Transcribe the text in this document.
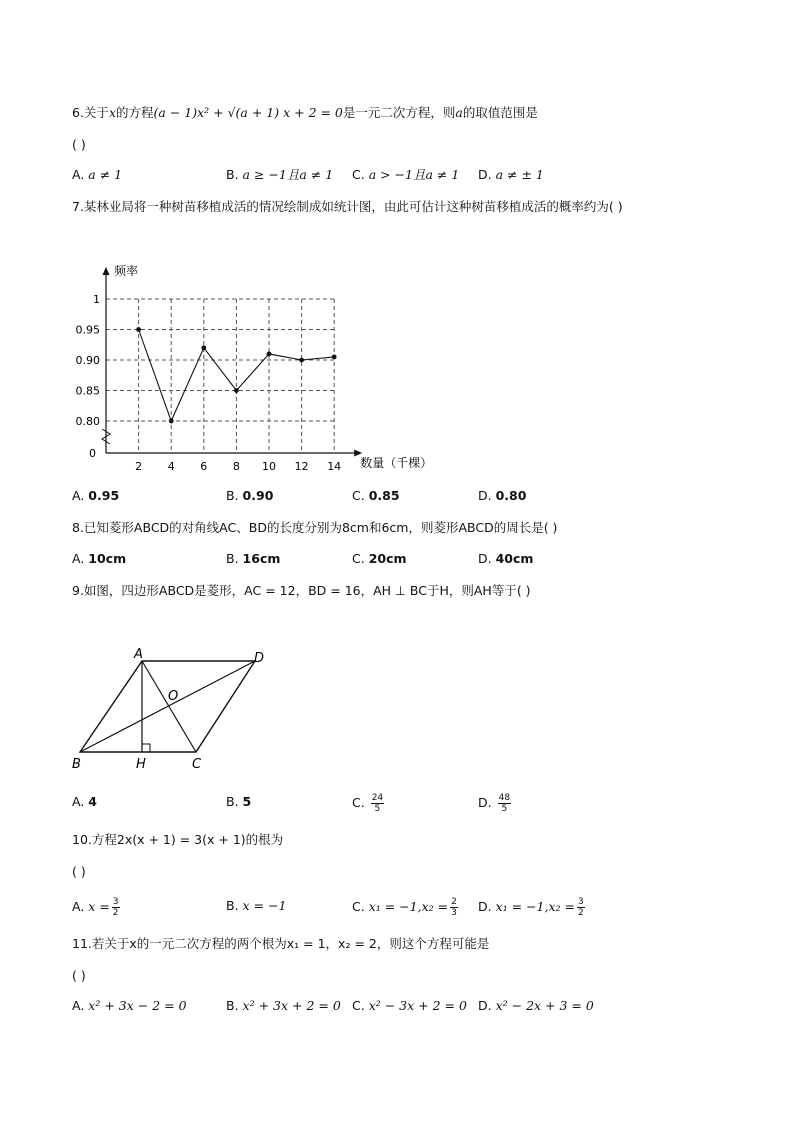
6.关于x的方程(a − 1)x² + √(a + 1) x + 2 = 0是一元二次方程，则a的取值范围是
( )
A. a ≠ 1	B. a ≥ −1且a ≠ 1 C. a > −1且a ≠ 1 D. a ≠ ± 1
7.某林业局将一种树苗移植成活的情况绘制成如统计图，由此可估计这种树苗移植成活的概率约为( )
2 4 6 8 10 12 14
0.80
0.85
0.90
0.95
1
0
频率
数量（千棵）
A. 0.95	B. 0.90	C. 0.85	D. 0.80
8.已知菱形ABCD的对角线AC、BD的长度分别为8cm和6cm，则菱形ABCD的周长是( )
A. 10cm	B. 16cm	C. 20cm	D. 40cm
9.如图，四边形ABCD是菱形，AC = 12，BD = 16，AH ⊥ BC于H，则AH等于( )
A	D
O
B	H	C
A. 4	B. 5	C. $\frac{24}{5}$	D. $\frac{48}{5}$
10.方程2x(x + 1) = 3(x + 1)的根为
( )
A. $x = \frac{3}{2}$	B. x = −1	C. $x_1 = -1,x_2 = \frac{2}{3} D$. $x_1 = -1,x_2 = \frac{3}{2}$
11.若关于x的一元二次方程的两个根为x₁ = 1，x₂ = 2，则这个方程可能是
( )
A. x² + 3x − 2 = 0	B. x² + 3x + 2 = 0 C. x² − 3x + 2 = 0 D. x² − 2x + 3 = 0
